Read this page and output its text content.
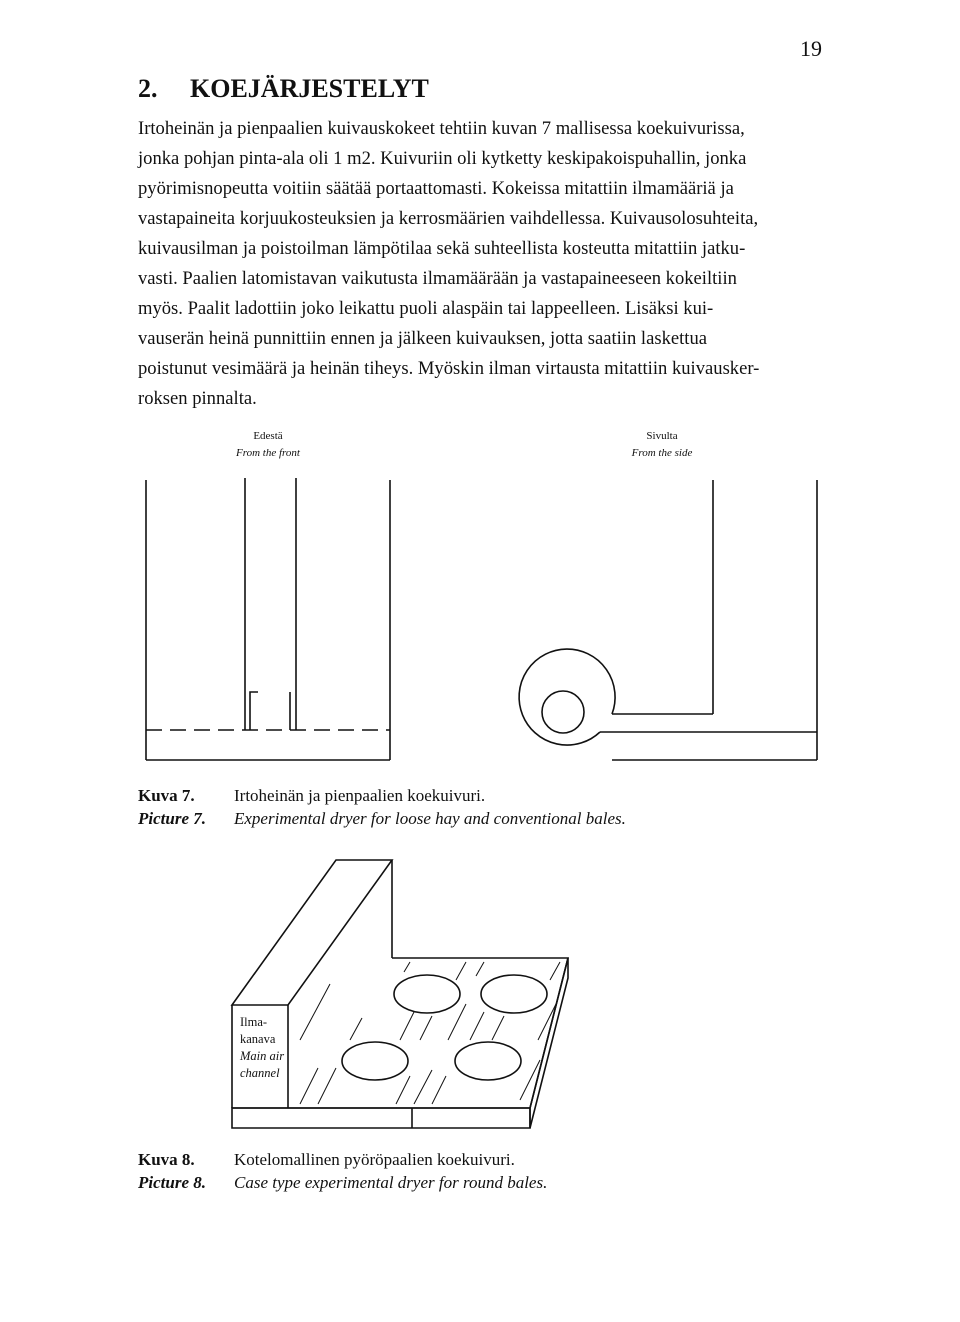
19
2. KOEJÄRJESTELYT
Irtoheinän ja pienpaalien kuivauskokeet tehtiin kuvan 7 mallisessa koekuivurissa,
jonka pohjan pinta-ala oli 1 m2. Kuivuriin oli kytketty keskipakoispuhallin, jonka
pyörimisnopeutta voitiin säätää portaattomasti. Kokeissa mitattiin ilmamääriä ja
vastapaineita korjuukosteuksien ja kerrosmäärien vaihdellessa. Kuivausolosuhteita,
kuivausilman ja poistoilman lämpötilaa sekä suhteellista kosteutta mitattiin jatku-
vasti. Paalien latomistavan vaikutusta ilmamäärään ja vastapaineeseen kokeiltiin
myös. Paalit ladottiin joko leikattu puoli alaspäin tai lappeelleen. Lisäksi kui-
vauserän heinä punnittiin ennen ja jälkeen kuivauksen, jotta saatiin laskettua
poistunut vesimäärä ja heinän tiheys. Myöskin ilman virtausta mitattiin kuivausker-
roksen pinnalta.
Edestä
From the front
Sivulta
From the side
Ilma-
kanava
Main air
channel
Kuva 7.	Irtoheinän ja pienpaalien koekuivuri.
Picture 7.	Experimental dryer for loose hay and conventional bales.
Kuva 8.	Kotelomallinen pyöröpaalien koekuivuri.
Picture 8.	Case type experimental dryer for round bales.
